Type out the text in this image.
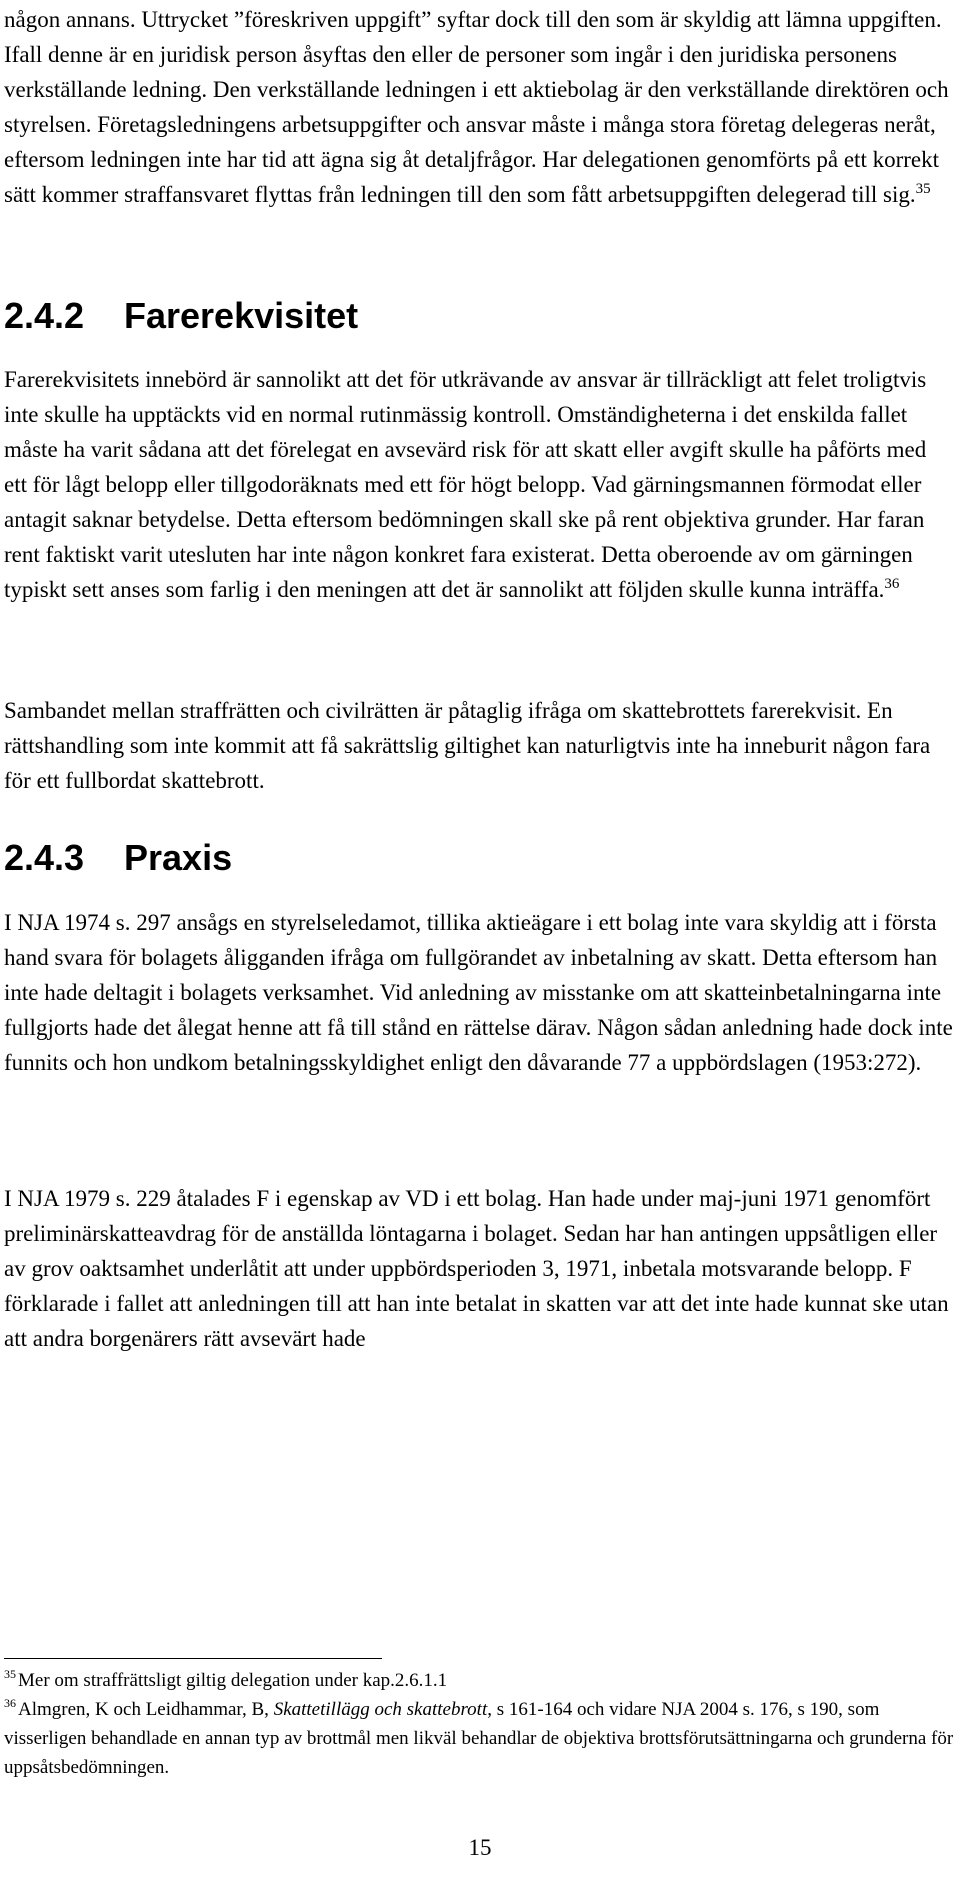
någon annans. Uttrycket ”föreskriven uppgift” syftar dock till den som är skyldig att lämna uppgiften. Ifall denne är en juridisk person åsyftas den eller de personer som ingår i den juridiska personens verkställande ledning. Den verkställande ledningen i ett aktiebolag är den verkställande direktören och styrelsen. Företagsledningens arbetsuppgifter och ansvar måste i många stora företag delegeras neråt, eftersom ledningen inte har tid att ägna sig åt detaljfrågor. Har delegationen genomförts på ett korrekt sätt kommer straffansvaret flyttas från ledningen till den som fått arbetsuppgiften delegerad till sig.$^{35}$

2.4.2 Farerekvisitet

Farerekvisitets innebörd är sannolikt att det för utkrävande av ansvar är tillräckligt att felet troligtvis inte skulle ha upptäckts vid en normal rutinmässig kontroll. Omständigheterna i det enskilda fallet måste ha varit sådana att det förelegat en avsevärd risk för att skatt eller avgift skulle ha påförts med ett för lågt belopp eller tillgodoräknats med ett för högt belopp. Vad gärningsmannen förmodat eller antagit saknar betydelse. Detta eftersom bedömningen skall ske på rent objektiva grunder. Har faran rent faktiskt varit utesluten har inte någon konkret fara existerat. Detta oberoende av om gärningen typiskt sett anses som farlig i den meningen att det är sannolikt att följden skulle kunna inträffa.$^{36}$

Sambandet mellan straffrätten och civilrätten är påtaglig ifråga om skattebrottets farerekvisit. En rättshandling som inte kommit att få sakrättslig giltighet kan naturligtvis inte ha inneburit någon fara för ett fullbordat skattebrott.

2.4.3 Praxis

I NJA 1974 s. 297 ansågs en styrelseledamot, tillika aktieägare i ett bolag inte vara skyldig att i första hand svara för bolagets åligganden ifråga om fullgörandet av inbetalning av skatt. Detta eftersom han inte hade deltagit i bolagets verksamhet. Vid anledning av misstanke om att skatteinbetalningarna inte fullgjorts hade det ålegat henne att få till stånd en rättelse därav. Någon sådan anledning hade dock inte funnits och hon undkom betalningsskyldighet enligt den dåvarande 77 a uppbördslagen (1953:272).

I NJA 1979 s. 229 åtalades F i egenskap av VD i ett bolag. Han hade under maj-juni 1971 genomfört preliminärskatteavdrag för de anställda löntagarna i bolaget. Sedan har han antingen uppsåtligen eller av grov oaktsamhet underlåtit att under uppbördsperioden 3, 1971, inbetala motsvarande belopp. F förklarade i fallet att anledningen till att han inte betalat in skatten var att det inte hade kunnat ske utan att andra borgenärers rätt avsevärt hade

$^{35}$ Mer om straffrättsligt giltig delegation under kap.2.6.1.1

$^{36}$ Almgren, K och Leidhammar, B, Skattetillägg och skattebrott, s 161-164 och vidare NJA 2004 s. 176, s 190, som visserligen behandlade en annan typ av brottmål men likväl behandlar de objektiva brottsförutsättningarna och grunderna för uppsåtsbedömningen.

15
